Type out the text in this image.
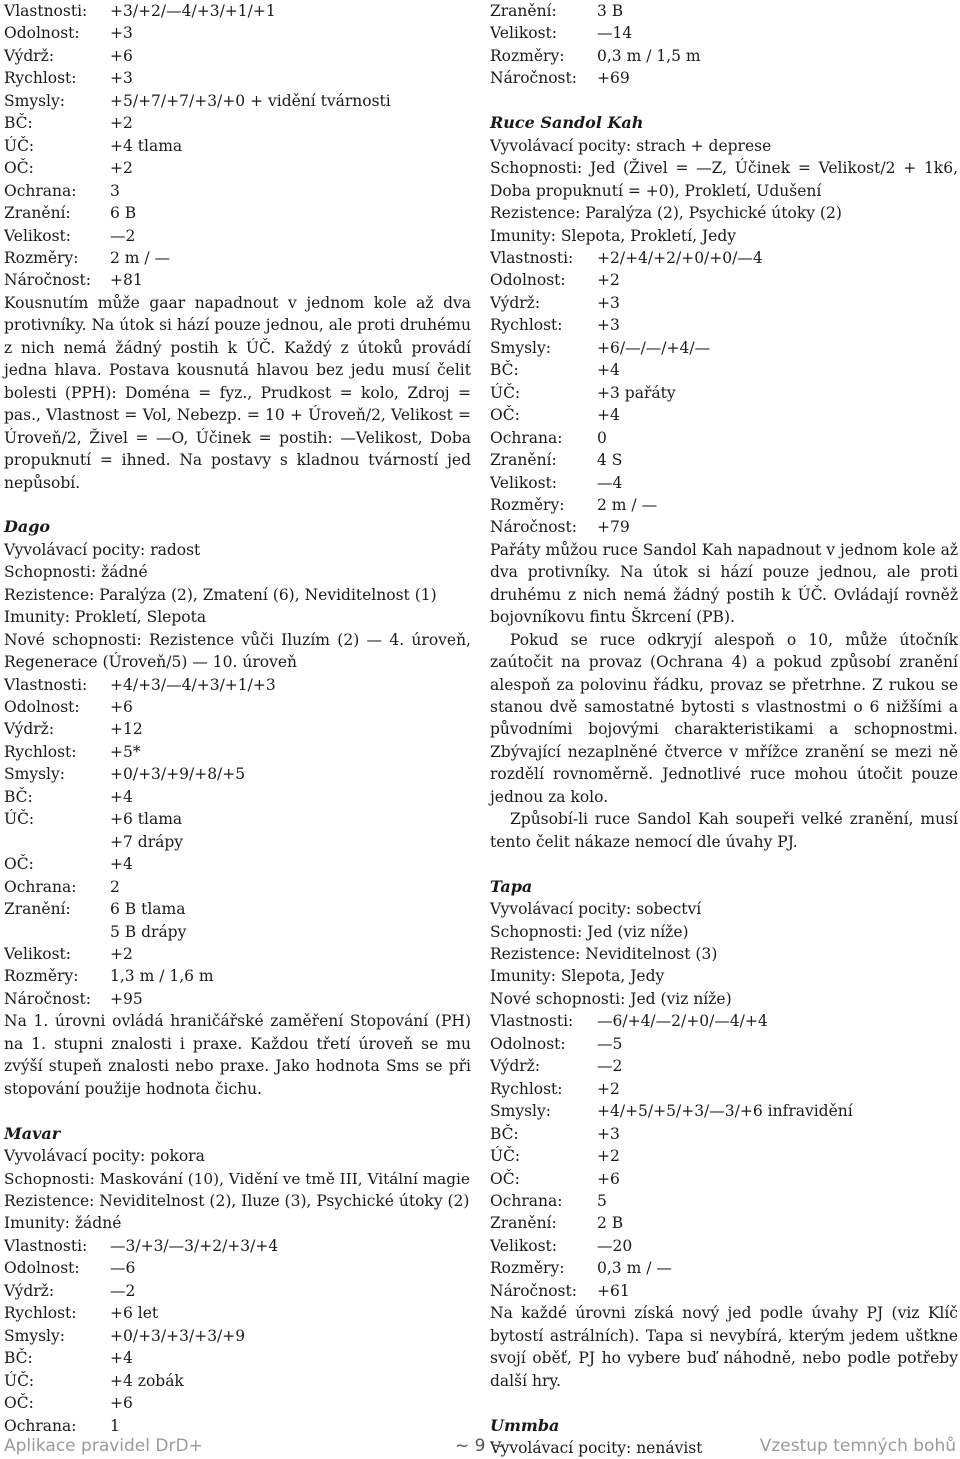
Vlastnosti:	+3/+2/—4/+3/+1/+1
Odolnost:	+3
Výdrž:	+6
Rychlost:	+3
Smysly:	+5/+7/+7/+3/+0 + vidění tvárnosti
BČ:	+2
ÚČ:	+4 tlama
OČ:	+2
Ochrana:	3
Zranění:	6 B
Velikost:	—2
Rozměry:	2 m / —
Náročnost:	+81
Kousnutím může gaar napadnout v jednom kole až dva protivníky. Na útok si hází pouze jednou, ale proti druhému z nich nemá žádný postih k ÚČ. Každý z útoků provádí jedna hlava. Postava kousnutá hlavou bez jedu musí čelit bolesti (PPH): Doména = fyz., Prudkost = kolo, Zdroj = pas., Vlastnost = Vol, Nebezp. = 10 + Úroveň/2, Velikost = Úroveň/2, Živel = —O, Účinek = postih: —Velikost, Doba propuknutí = ihned. Na postavy s kladnou tvárností jed nepůsobí.
Dago
Vyvolávací pocity: radost
Schopnosti: žádné
Rezistence: Paralýza (2), Zmatení (6), Neviditelnost (1)
Imunity: Prokletí, Slepota
Nové schopnosti: Rezistence vůči Iluzím (2) — 4. úroveň, Regenerace (Úroveň/5) — 10. úroveň
Vlastnosti:	+4/+3/—4/+3/+1/+3
Odolnost:	+6
Výdrž:	+12
Rychlost:	+5*
Smysly:	+0/+3/+9/+8/+5
BČ:	+4
ÚČ:	+6 tlama
+7 drápy
OČ:	+4
Ochrana:	2
Zranění:	6 B tlama
5 B drápy
Velikost:	+2
Rozměry:	1,3 m / 1,6 m
Náročnost:	+95
Na 1. úrovni ovládá hraničářské zaměření Stopování (PH) na 1. stupni znalosti i praxe. Každou třetí úroveň se mu zvýší stupeň znalosti nebo praxe. Jako hodnota Sms se při stopování použije hodnota čichu.
Mavar
Vyvolávací pocity: pokora
Schopnosti: Maskování (10), Vidění ve tmě III, Vitální magie
Rezistence: Neviditelnost (2), Iluze (3), Psychické útoky (2)
Imunity: žádné
Vlastnosti:	—3/+3/—3/+2/+3/+4
Odolnost:	—6
Výdrž:	—2
Rychlost:	+6 let
Smysly:	+0/+3/+3/+3/+9
BČ:	+4
ÚČ:	+4 zobák
OČ:	+6
Ochrana:	1
Zranění:	3 B
Velikost:	—14
Rozměry:	0,3 m / 1,5 m
Náročnost:	+69
Ruce Sandol Kah
Vyvolávací pocity: strach + deprese
Schopnosti: Jed (Živel = —Z, Účinek = Velikost/2 + 1k6, Doba propuknutí = +0), Prokletí, Udušení
Rezistence: Paralýza (2), Psychické útoky (2)
Imunity: Slepota, Prokletí, Jedy
Vlastnosti:	+2/+4/+2/+0/+0/—4
Odolnost:	+2
Výdrž:	+3
Rychlost:	+3
Smysly:	+6/—/—/+4/—
BČ:	+4
ÚČ:	+3 pařáty
OČ:	+4
Ochrana:	0
Zranění:	4 S
Velikost:	—4
Rozměry:	2 m / —
Náročnost:	+79
Pařáty můžou ruce Sandol Kah napadnout v jednom kole až dva protivníky. Na útok si hází pouze jednou, ale proti druhému z nich nemá žádný postih k ÚČ. Ovládají rovněž bojovníkovu fintu Škrcení (PB).
Pokud se ruce odkryjí alespoň o 10, může útočník zaútočit na provaz (Ochrana 4) a pokud způsobí zranění alespoň za polovinu řádku, provaz se přetrhne. Z rukou se stanou dvě samostatné bytosti s vlastnostmi o 6 nižšími a původními bojovými charakteristikami a schopnostmi. Zbývající nezaplněné čtverce v mřížce zranění se mezi ně rozdělí rovnoměrně. Jednotlivé ruce mohou útočit pouze jednou za kolo.
Způsobí-li ruce Sandol Kah soupeři velké zranění, musí tento čelit nákaze nemocí dle úvahy PJ.
Tapa
Vyvolávací pocity: sobectví
Schopnosti: Jed (viz níže)
Rezistence: Neviditelnost (3)
Imunity: Slepota, Jedy
Nové schopnosti: Jed (viz níže)
Vlastnosti:	—6/+4/—2/+0/—4/+4
Odolnost:	—5
Výdrž:	—2
Rychlost:	+2
Smysly:	+4/+5/+5/+3/—3/+6 infravidění
BČ:	+3
ÚČ:	+2
OČ:	+6
Ochrana:	5
Zranění:	2 B
Velikost:	—20
Rozměry:	0,3 m / —
Náročnost:	+61
Na každé úrovni získá nový jed podle úvahy PJ (viz Klíč bytostí astrálních). Tapa si nevybírá, kterým jedem uštkne svojí oběť, PJ ho vybere buď náhodně, nebo podle potřeby další hry.
Ummba
Vyvolávací pocity: nenávist
Aplikace pravidel DrD+	~ 9 ~	Vzestup temných bohů
